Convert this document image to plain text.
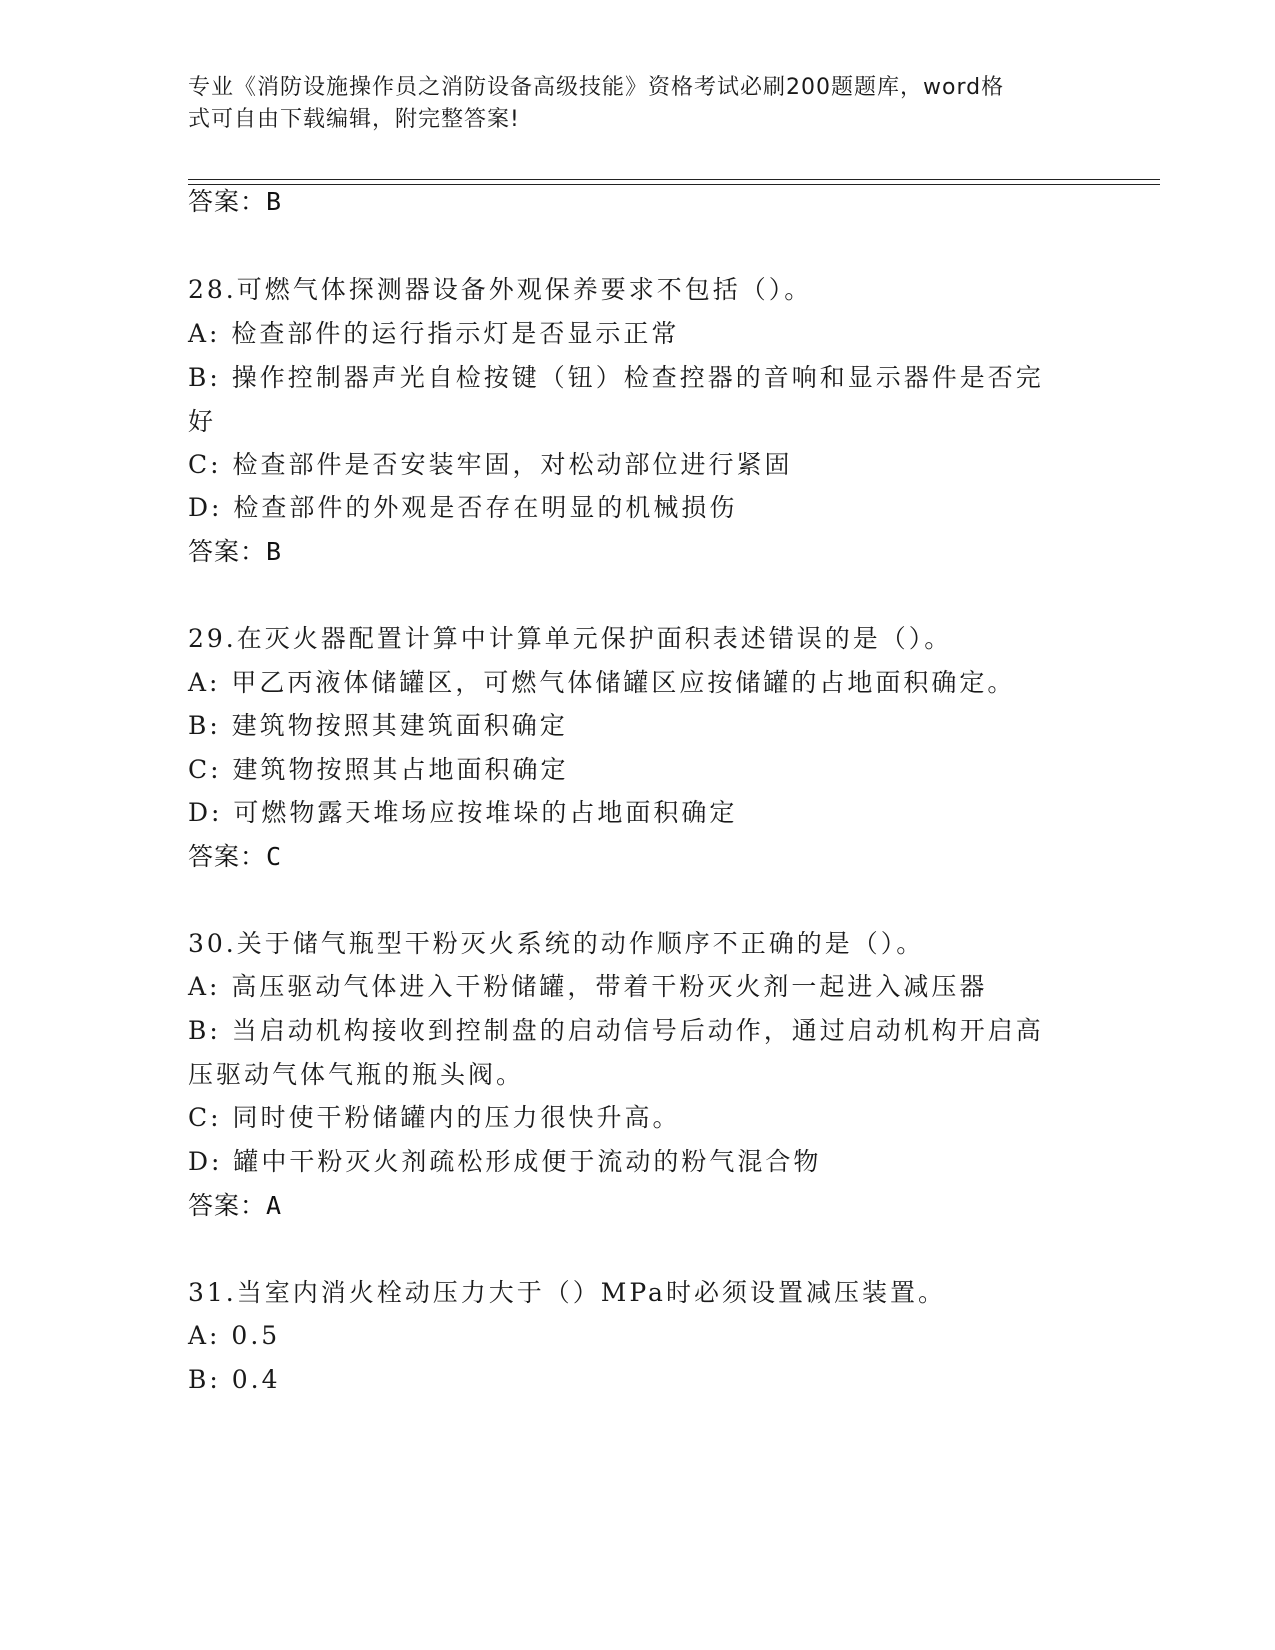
专业《消防设施操作员之消防设备高级技能》资格考试必刷200题题库，word格
式可自由下载编辑，附完整答案!
答案：B
28.可燃气体探测器设备外观保养要求不包括（）。
A: 检查部件的运行指示灯是否显示正常
B: 操作控制器声光自检按键（钮）检查控器的音响和显示器件是否完
好
C: 检查部件是否安装牢固，对松动部位进行紧固
D: 检查部件的外观是否存在明显的机械损伤
答案：B
29.在灭火器配置计算中计算单元保护面积表述错误的是（）。
A: 甲乙丙液体储罐区，可燃气体储罐区应按储罐的占地面积确定。
B: 建筑物按照其建筑面积确定
C: 建筑物按照其占地面积确定
D: 可燃物露天堆场应按堆垛的占地面积确定
答案：C
30.关于储气瓶型干粉灭火系统的动作顺序不正确的是（）。
A: 高压驱动气体进入干粉储罐，带着干粉灭火剂一起进入减压器
B: 当启动机构接收到控制盘的启动信号后动作，通过启动机构开启高
压驱动气体气瓶的瓶头阀。
C: 同时使干粉储罐内的压力很快升高。
D: 罐中干粉灭火剂疏松形成便于流动的粉气混合物
答案：A
31.当室内消火栓动压力大于（）MPa时必须设置减压装置。
A: 0.5
B: 0.4
